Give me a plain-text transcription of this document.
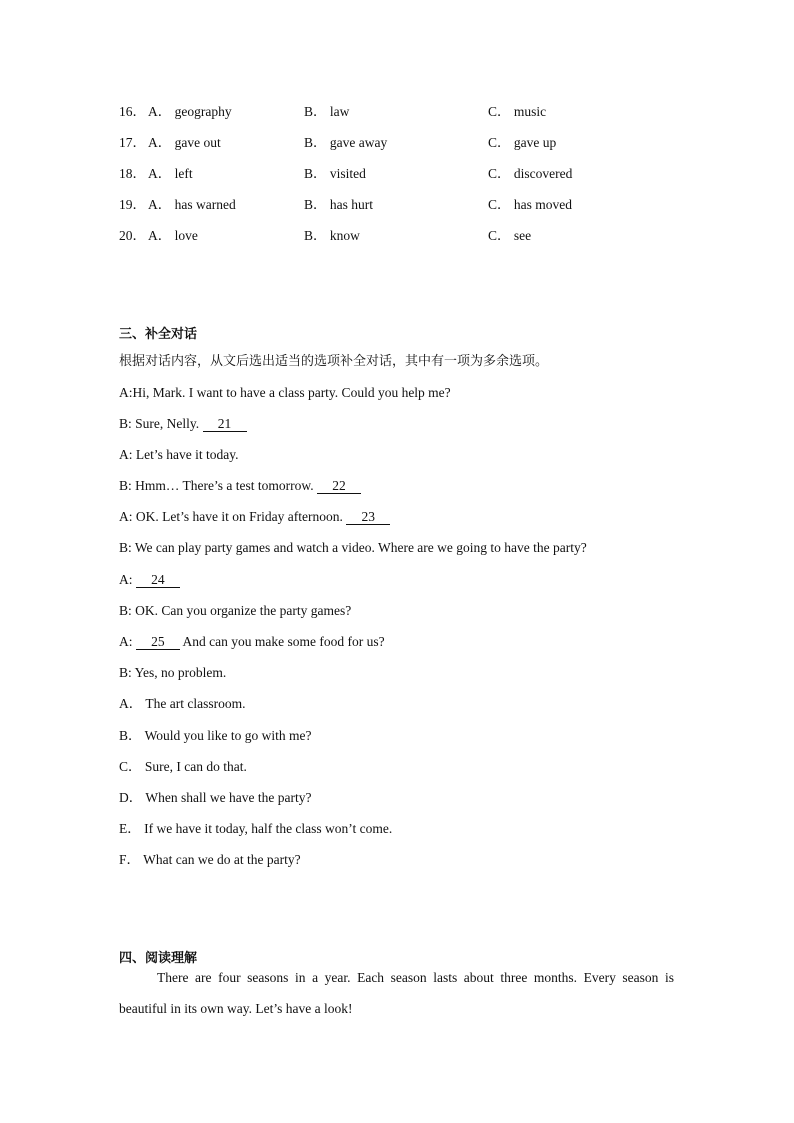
16． A． geography	B． law	C． music
17． A． gave out	B． gave away	C． gave up
18． A． left	B． visited	C． discovered
19． A． has warned	B． has hurt	C． has moved
20． A． love	B． know	C． see
三、补全对话
根据对话内容，从文后选出适当的选项补全对话，其中有一项为多余选项。
A:Hi, Mark. I want to have a class party. Could you help me?
B: Sure, Nelly. 21
A: Let’s have it today.
B: Hmm… There’s a test tomorrow. 22
A: OK. Let’s have it on Friday afternoon. 23
B: We can play party games and watch a video. Where are we going to have the party?
A: 24
B: OK. Can you organize the party games?
A: 25 And can you make some food for us?
B: Yes, no problem.
A． The art classroom.
B． Would you like to go with me?
C． Sure, I can do that.
D． When shall we have the party?
E． If we have it today, half the class won’t come.
F． What can we do at the party?
四、阅读理解

There are four seasons in a year. Each season lasts about three months. Every season is beautiful in its own way. Let’s have a look!
